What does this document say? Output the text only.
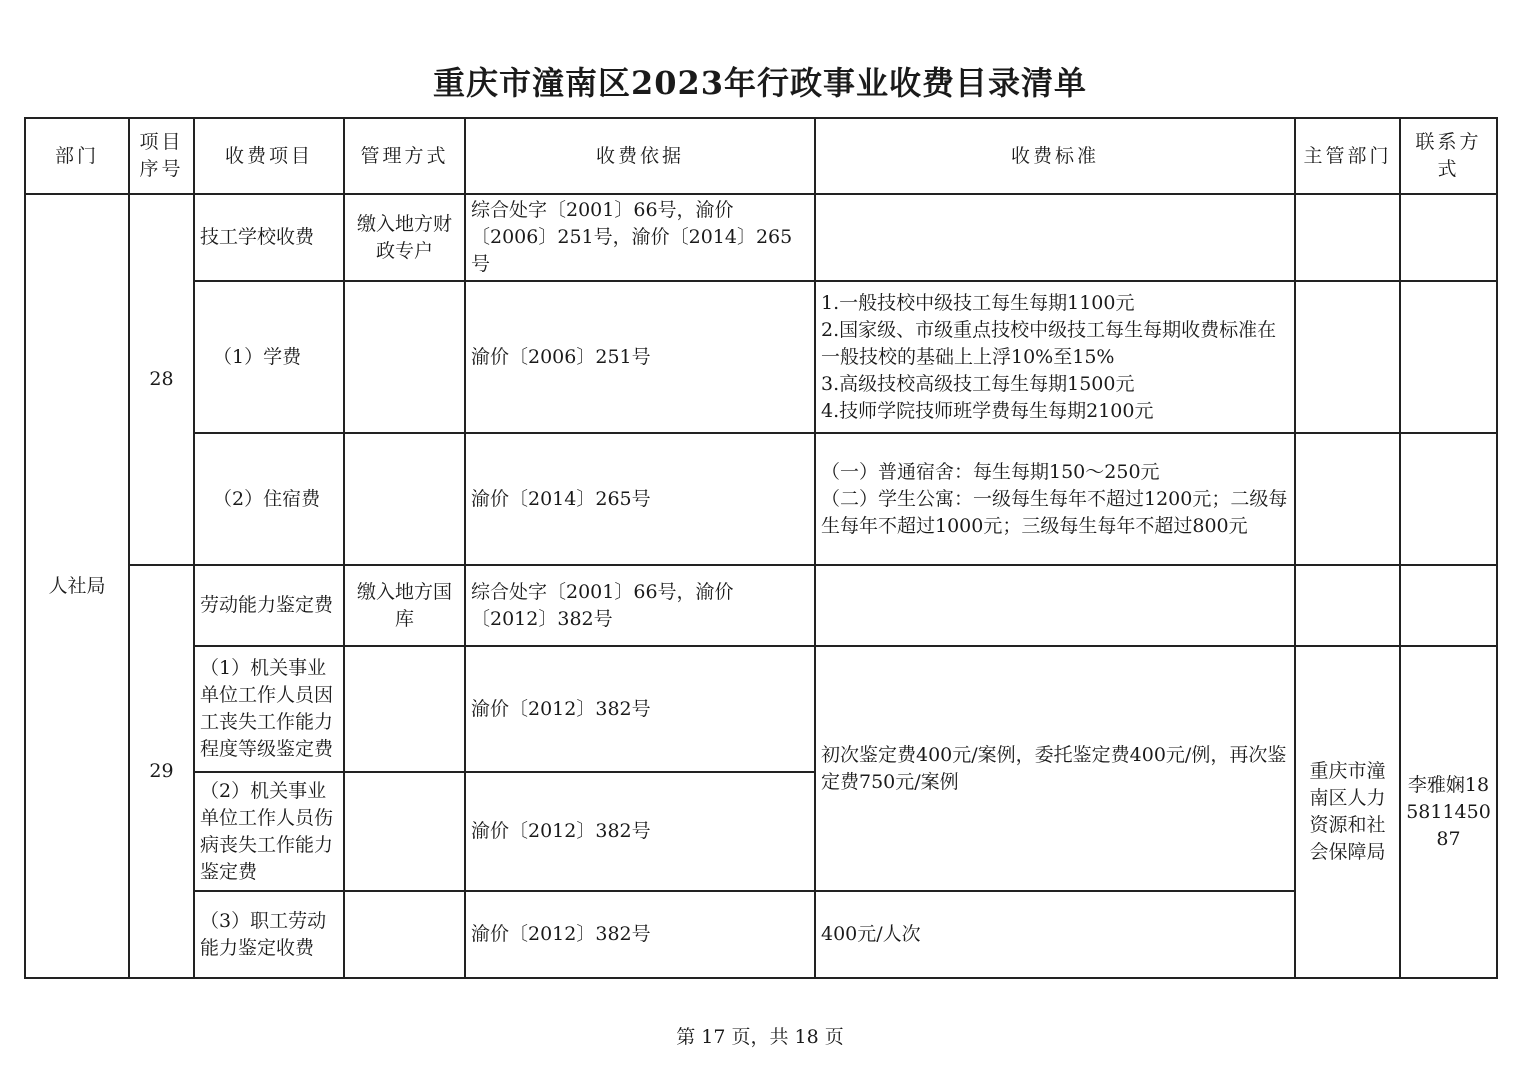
重庆市潼南区2023年行政事业收费目录清单
部门	项目序号	收费项目	管理方式	收费依据	收费标准	主管部门	联系方式
人社局	28	技工学校收费	缴入地方财政专户	综合处字〔2001〕66号，渝价〔2006〕251号，渝价〔2014〕265号			
		（1）学费		渝价〔2006〕251号	1.一般技校中级技工每生每期1100元
2.国家级、市级重点技校中级技工每生每期收费标准在一般技校的基础上上浮10%至15%
3.高级技校高级技工每生每期1500元
4.技师学院技师班学费每生每期2100元		

		（2）住宿费		渝价〔2014〕265号	（一）普通宿舍：每生每期150～250元
（二）学生公寓：一级每生每年不超过1200元；二级每生每年不超过1000元；三级每生每年不超过800元		

	29	劳动能力鉴定费	缴入地方国库	综合处字〔2001〕66号，渝价〔2012〕382号			
		（1）机关事业单位工作人员因工丧失工作能力程度等级鉴定费		渝价〔2012〕382号	初次鉴定费400元/案例，委托鉴定费400元/例，再次鉴定费750元/案例	重庆市潼南区人力资源和社会保障局	李雅娴18581145087
		（2）机关事业单位工作人员伤病丧失工作能力鉴定费		渝价〔2012〕382号			
		（3）职工劳动能力鉴定收费		渝价〔2012〕382号	400元/人次		
第 17 页，共 18 页
